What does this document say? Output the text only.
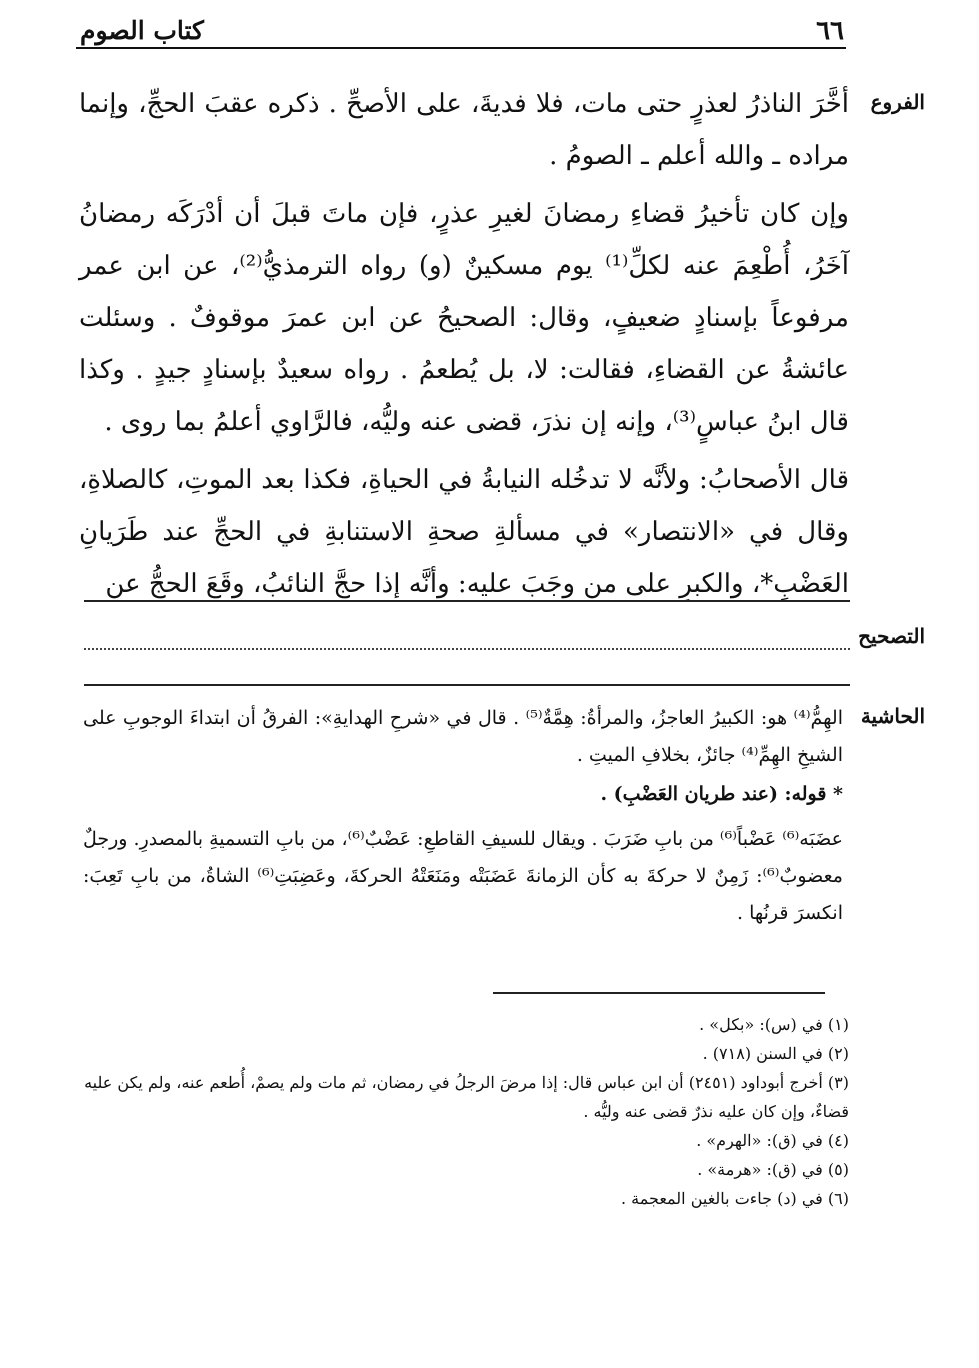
٦٦
كتاب الصوم
الفروع

أخَّرَ الناذرُ لعذرٍ حتى مات، فلا فديةَ، على الأصحِّ . ذكره عقبَ الحجِّ، وإنما مراده ـ والله أعلم ـ الصومُ .

وإن كان تأخيرُ قضاءِ رمضانَ لغيرِ عذرٍ، فإن ماتَ قبلَ أن أدْرَكَه رمضانُ آخَرُ، أُطْعِمَ عنه لكلِّ⁽¹⁾ يوم مسكينٌ (و) رواه الترمذيُّ⁽²⁾، عن ابن عمر مرفوعاً بإسنادٍ ضعيفٍ، وقال: الصحيحُ عن ابن عمرَ موقوفٌ . وسئلت عائشةُ عن القضاءِ، فقالت: لا، بل يُطعمُ . رواه سعيدٌ بإسنادٍ جيدٍ . وكذا قال ابنُ عباسٍ⁽³⁾، وإنه إن نذرَ، قضى عنه وليُّه، فالرَّاوي أعلمُ بما روى .

قال الأصحابُ: ولأنَّه لا تدخُله النيابةُ في الحياةِ، فكذا بعد الموتِ، كالصلاةِ، وقال في «الانتصار» في مسألةِ صحةِ الاستنابةِ في الحجِّ عند طَرَيانِ العَضْبِ*، والكبرِ على من وجَبَ عليه: وأنَّه إذا حجَّ النائبُ، وقَعَ الحجُّ عن

التصحيح
الحاشية

الهِمُّ⁽⁴⁾ هو: الكبيرُ العاجزُ، والمرأةُ: هِمَّةٌ⁽⁵⁾ . قال في «شرحِ الهدايةِ»: الفرقُ أن ابتداءَ الوجوبِ على الشيخِ الهِمِّ⁽⁴⁾ جائزٌ، بخلافِ الميتِ .

* قوله: (عند طريان العَضْبِ) .

عضَبَه⁽⁶⁾ عَضْباً⁽⁶⁾ من بابِ ضَرَبَ . ويقال للسيفِ القاطعِ: عَضْبٌ⁽⁶⁾، من بابِ التسميةِ بالمصدرِ. ورجلٌ معضوبٌ⁽⁶⁾: زَمِنٌ لا حركةَ به كأن الزمانةَ عَضَبَتْه ومَنَعَتْهُ الحركةَ، وعَضِبَتِ⁽⁶⁾ الشاةُ، من بابِ تَعِبَ: انكسرَ قرنُها .

(١) في (س): «بكل» .

(٢) في السنن (٧١٨) .

(٣) أخرج أبوداود (٢٤٥١) أن ابن عباس قال: إذا مرضَ الرجلُ في رمضان، ثم مات ولم يصمْ، أُطعم عنه، ولم يكن عليه قضاءٌ، وإن كان عليه نذرٌ قضى عنه وليُّه .

(٤) في (ق): «الهرم» .

(٥) في (ق): «هرمة» .

(٦) في (د) جاءت بالغين المعجمة .
